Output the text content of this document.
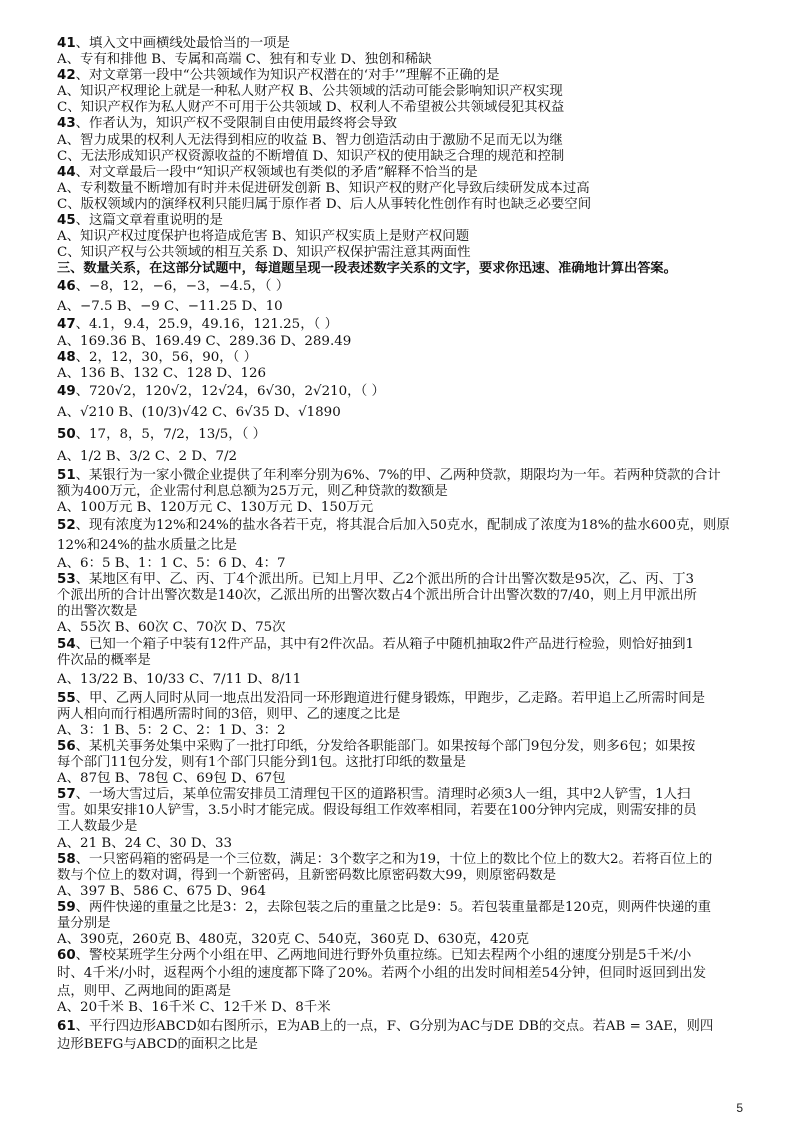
41、填入文中画横线处最恰当的一项是
A、专有和排他 B、专属和高端 C、独有和专业 D、独创和稀缺
42、对文章第一段中“公共领域作为知识产权潜在的‘对手’”理解不正确的是
A、知识产权理论上就是一种私人财产权 B、公共领域的活动可能会影响知识产权实现
C、知识产权作为私人财产不可用于公共领域 D、权利人不希望被公共领域侵犯其权益
43、作者认为，知识产权不受限制自由使用最终将会导致
A、智力成果的权利人无法得到相应的收益 B、智力创造活动由于激励不足而无以为继
C、无法形成知识产权资源收益的不断增值 D、知识产权的使用缺乏合理的规范和控制
44、对文章最后一段中“知识产权领域也有类似的矛盾”解释不恰当的是
A、专利数量不断增加有时并未促进研发创新 B、知识产权的财产化导致后续研发成本过高
C、版权领域内的演绎权利只能归属于原作者 D、后人从事转化性创作有时也缺乏必要空间
45、这篇文章着重说明的是
A、知识产权过度保护也将造成危害 B、知识产权实质上是财产权问题
C、知识产权与公共领域的相互关系 D、知识产权保护需注意其两面性
三、数量关系，在这部分试题中，每道题呈现一段表述数字关系的文字，要求你迅速、准确地计算出答案。
46、−8，12，−6，−3，−4.5，（ ）
A、−7.5 B、−9 C、−11.25 D、10
47、4.1，9.4，25.9，49.16，121.25，（ ）
A、169.36 B、169.49 C、289.36 D、289.49
48、2，12，30，56，90，（ ）
A、136 B、132 C、128 D、126
49、720√2，120√2，12√24，6√30，2√210，（ ）
A、√210 B、(10/3)√42 C、6√35 D、√1890
50、17，8，5，7/2，13/5，（ ）
A、1/2 B、3/2 C、2 D、7/2
51、某银行为一家小微企业提供了年利率分别为6%、7%的甲、乙两种贷款，期限均为一年。若两种贷款的合计
额为400万元，企业需付利息总额为25万元，则乙种贷款的数额是
A、100万元 B、120万元 C、130万元 D、150万元
52、现有浓度为12%和24%的盐水各若干克，将其混合后加入50克水，配制成了浓度为18%的盐水600克，则原
12%和24%的盐水质量之比是
A、6：5 B、1：1 C、5：6 D、4：7
53、某地区有甲、乙、丙、丁4个派出所。已知上月甲、乙2个派出所的合计出警次数是95次，乙、丙、丁3
个派出所的合计出警次数是140次，乙派出所的出警次数占4个派出所合计出警次数的7/40，则上月甲派出所
的出警次数是
A、55次 B、60次 C、70次 D、75次
54、已知一个箱子中装有12件产品，其中有2件次品。若从箱子中随机抽取2件产品进行检验，则恰好抽到1
件次品的概率是
A、13/22 B、10/33 C、7/11 D、8/11
55、甲、乙两人同时从同一地点出发沿同一环形跑道进行健身锻炼，甲跑步，乙走路。若甲追上乙所需时间是
两人相向而行相遇所需时间的3倍，则甲、乙的速度之比是
A、3：1 B、5：2 C、2：1 D、3：2
56、某机关事务处集中采购了一批打印纸，分发给各职能部门。如果按每个部门9包分发，则多6包；如果按
每个部门11包分发，则有1个部门只能分到1包。这批打印纸的数量是
A、87包 B、78包 C、69包 D、67包
57、一场大雪过后，某单位需安排员工清理包干区的道路积雪。清理时必须3人一组，其中2人铲雪，1人扫
雪。如果安排10人铲雪，3.5小时才能完成。假设每组工作效率相同，若要在100分钟内完成，则需安排的员
工人数最少是
A、21 B、24 C、30 D、33
58、一只密码箱的密码是一个三位数，满足：3个数字之和为19，十位上的数比个位上的数大2。若将百位上的
数与个位上的数对调，得到一个新密码，且新密码数比原密码数大99，则原密码数是
A、397 B、586 C、675 D、964
59、两件快递的重量之比是3：2，去除包装之后的重量之比是9：5。若包装重量都是120克，则两件快递的重
量分别是
A、390克，260克 B、480克，320克 C、540克，360克 D、630克，420克
60、警校某班学生分两个小组在甲、乙两地间进行野外负重拉练。已知去程两个小组的速度分别是5千米/小
时、4千米/小时，返程两个小组的速度都下降了20%。若两个小组的出发时间相差54分钟，但同时返回到出发
点，则甲、乙两地间的距离是
A、20千米 B、16千米 C、12千米 D、8千米
61、平行四边形ABCD如右图所示，E为AB上的一点，F、G分别为AC与DE DB的交点。若AB = 3AE，则四
边形BEFG与ABCD的面积之比是
5
